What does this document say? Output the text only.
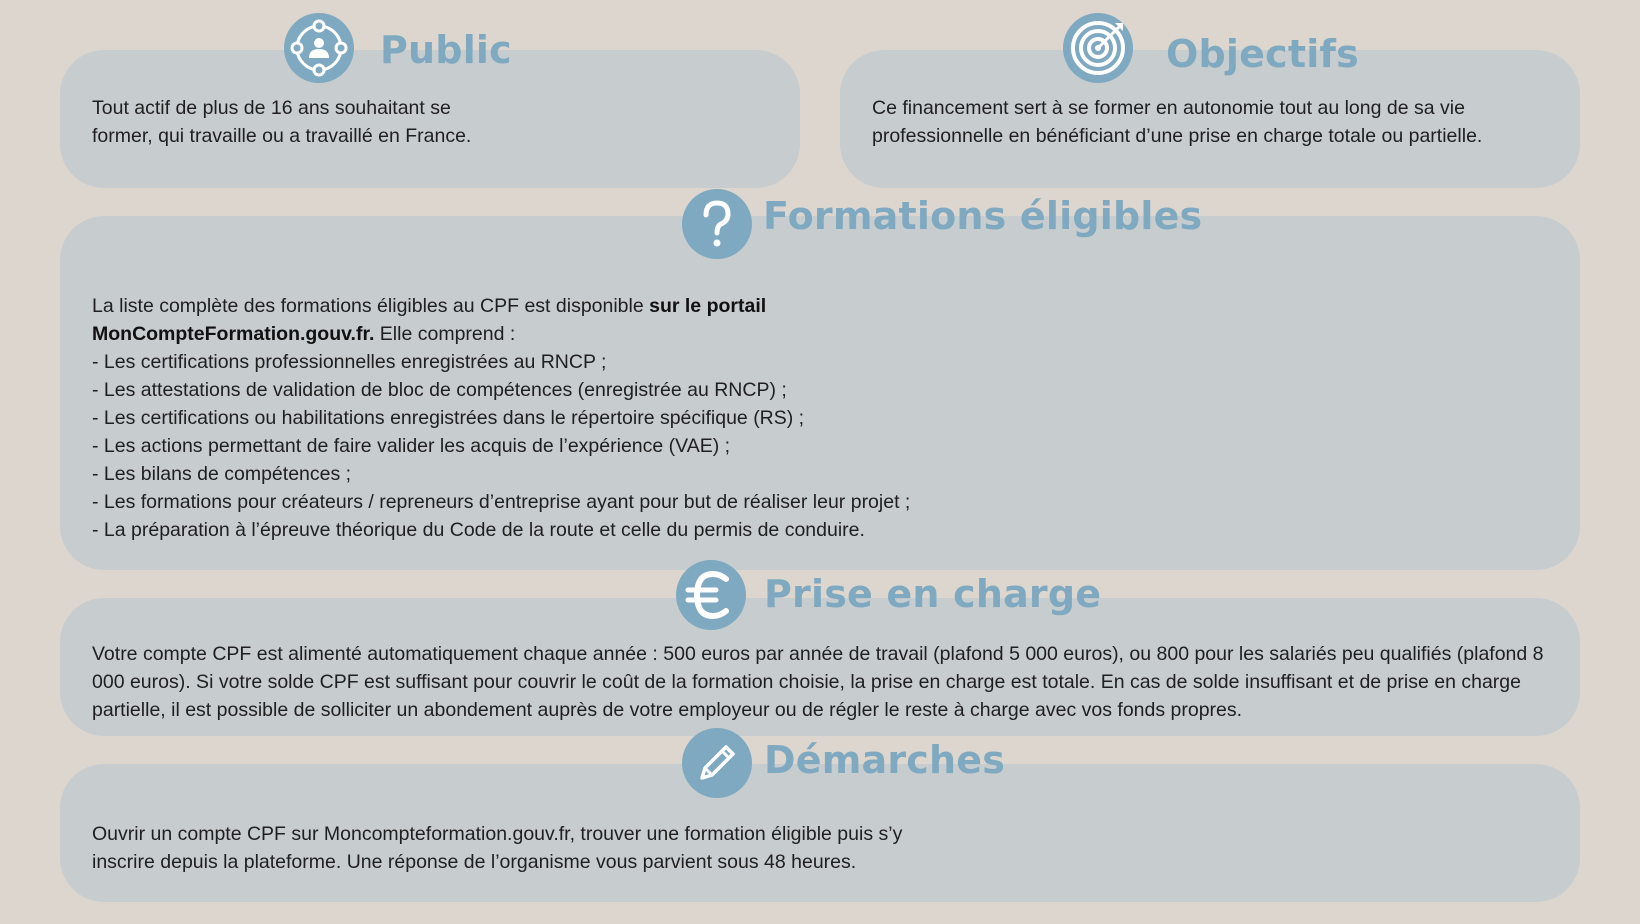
Public

Tout actif de plus de 16 ans souhaitant se former, qui travaille ou a travaillé en France.

Objectifs

Ce financement sert à se former en autonomie tout au long de sa vie professionnelle en bénéficiant d’une prise en charge totale ou partielle.

Formations éligibles

La liste complète des formations éligibles au CPF est disponible sur le portail MonCompteFormation.gouv.fr. Elle comprend :

- Les certifications professionnelles enregistrées au RNCP ;

- Les attestations de validation de bloc de compétences (enregistrée au RNCP) ;

- Les certifications ou habilitations enregistrées dans le répertoire spécifique (RS) ;

- Les actions permettant de faire valider les acquis de l’expérience (VAE) ;

- Les bilans de compétences ;

- Les formations pour créateurs / repreneurs d’entreprise ayant pour but de réaliser leur projet ;

- La préparation à l’épreuve théorique du Code de la route et celle du permis de conduire.

Prise en charge

Votre compte CPF est alimenté automatiquement chaque année : 500 euros par année de travail (plafond 5 000 euros), ou 800 pour les salariés peu qualifiés (plafond 8 000 euros). Si votre solde CPF est suffisant pour couvrir le coût de la formation choisie, la prise en charge est totale. En cas de solde insuffisant et de prise en charge partielle, il est possible de solliciter un abondement auprès de votre employeur ou de régler le reste à charge avec vos fonds propres.

Démarches

Ouvrir un compte CPF sur Moncompteformation.gouv.fr, trouver une formation éligible puis s’y inscrire depuis la plateforme. Une réponse de l’organisme vous parvient sous 48 heures.
